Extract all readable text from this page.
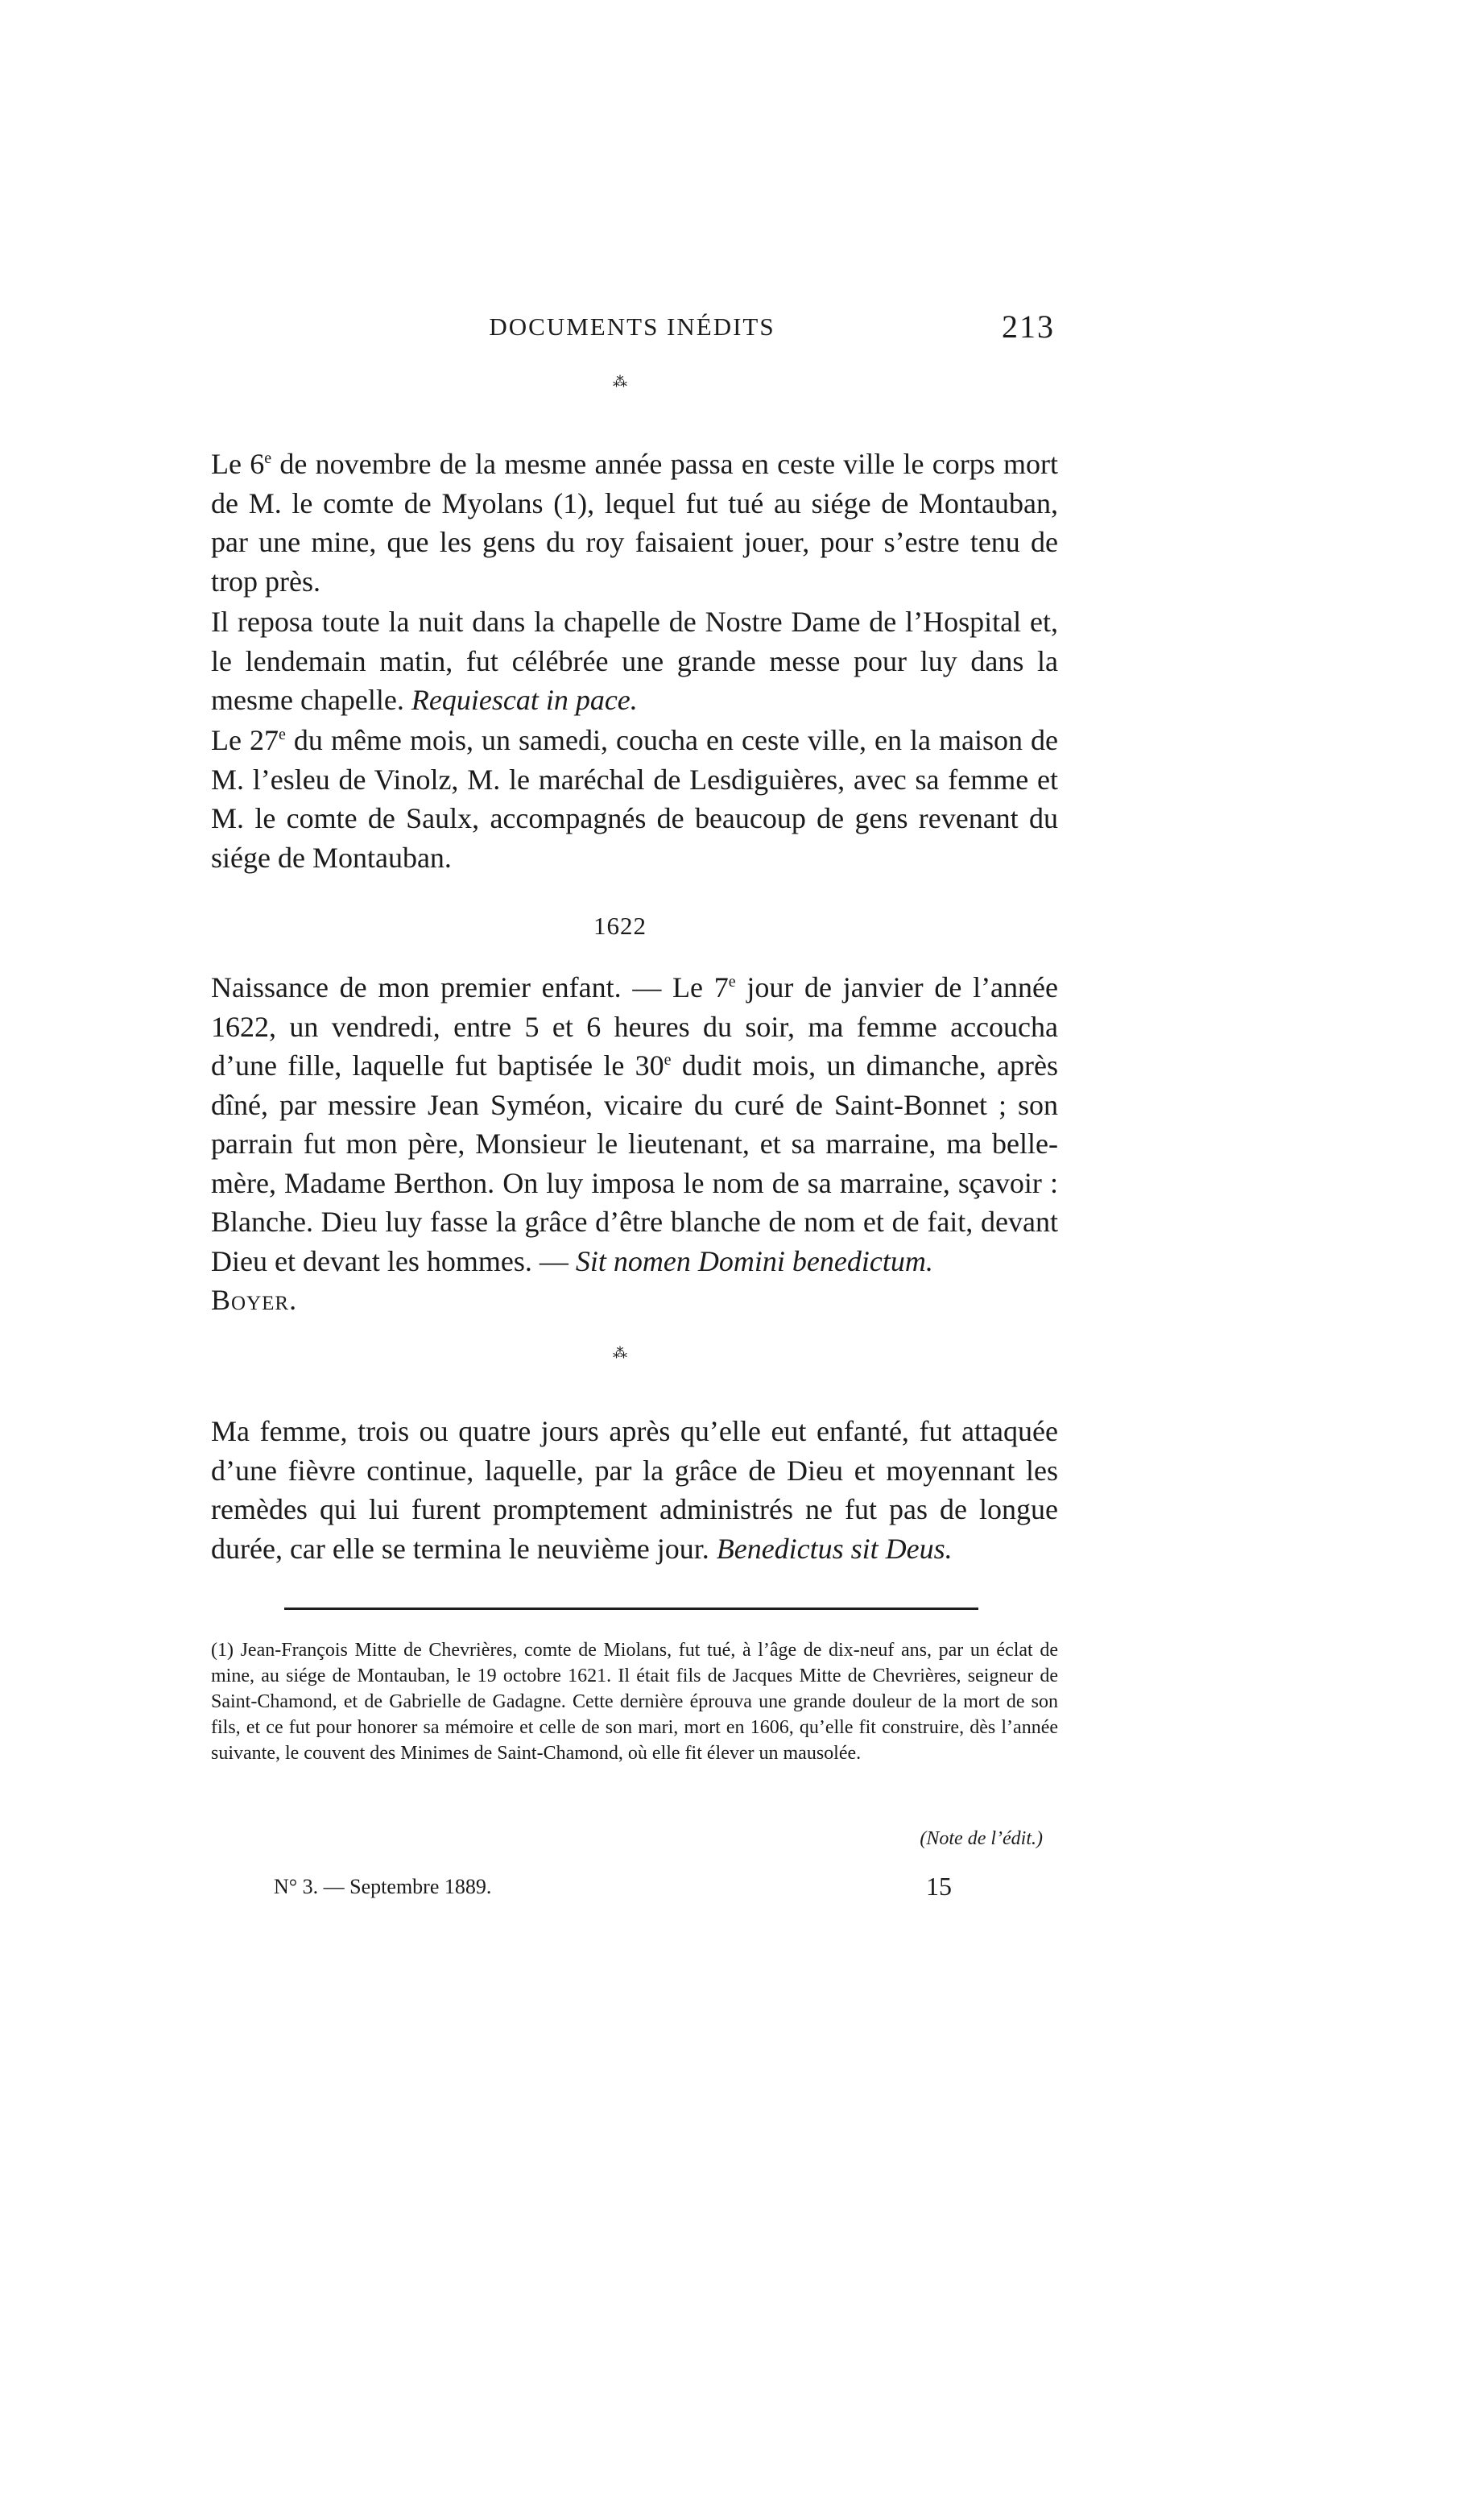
DOCUMENTS INÉDITS	213
⁂

Le 6e de novembre de la mesme année passa en ceste ville le corps mort de M. le comte de Myolans (1), lequel fut tué au siége de Montauban, par une mine, que les gens du roy faisaient jouer, pour s’estre tenu de trop près.

Il reposa toute la nuit dans la chapelle de Nostre Dame de l’Hospital et, le lendemain matin, fut célébrée une grande messe pour luy dans la mesme chapelle. Requiescat in pace.

Le 27e du même mois, un samedi, coucha en ceste ville, en la maison de M. l’esleu de Vinolz, M. le maréchal de Lesdiguières, avec sa femme et M. le comte de Saulx, accompagnés de beaucoup de gens revenant du siége de Montauban.

1622

Naissance de mon premier enfant. — Le 7e jour de janvier de l’année 1622, un vendredi, entre 5 et 6 heures du soir, ma femme accoucha d’une fille, laquelle fut baptisée le 30e dudit mois, un dimanche, après dîné, par messire Jean Syméon, vicaire du curé de Saint-Bonnet ; son parrain fut mon père, Monsieur le lieutenant, et sa marraine, ma belle-mère, Madame Berthon. On luy imposa le nom de sa marraine, sçavoir : Blanche. Dieu luy fasse la grâce d’être blanche de nom et de fait, devant Dieu et devant les hommes. — Sit nomen Domini benedictum.
Boyer.

⁂

Ma femme, trois ou quatre jours après qu’elle eut enfanté, fut attaquée d’une fièvre continue, laquelle, par la grâce de Dieu et moyennant les remèdes qui lui furent promptement administrés ne fut pas de longue durée, car elle se termina le neuvième jour. Benedictus sit Deus.

(1) Jean-François Mitte de Chevrières, comte de Miolans, fut tué, à l’âge de dix-neuf ans, par un éclat de mine, au siége de Montauban, le 19 octobre 1621. Il était fils de Jacques Mitte de Chevrières, seigneur de Saint-Chamond, et de Gabrielle de Gadagne. Cette dernière éprouva une grande douleur de la mort de son fils, et ce fut pour honorer sa mémoire et celle de son mari, mort en 1606, qu’elle fit construire, dès l’année suivante, le couvent des Minimes de Saint-Chamond, où elle fit élever un mausolée.

(Note de l’édit.)
N° 3. — Septembre 1889.	15
